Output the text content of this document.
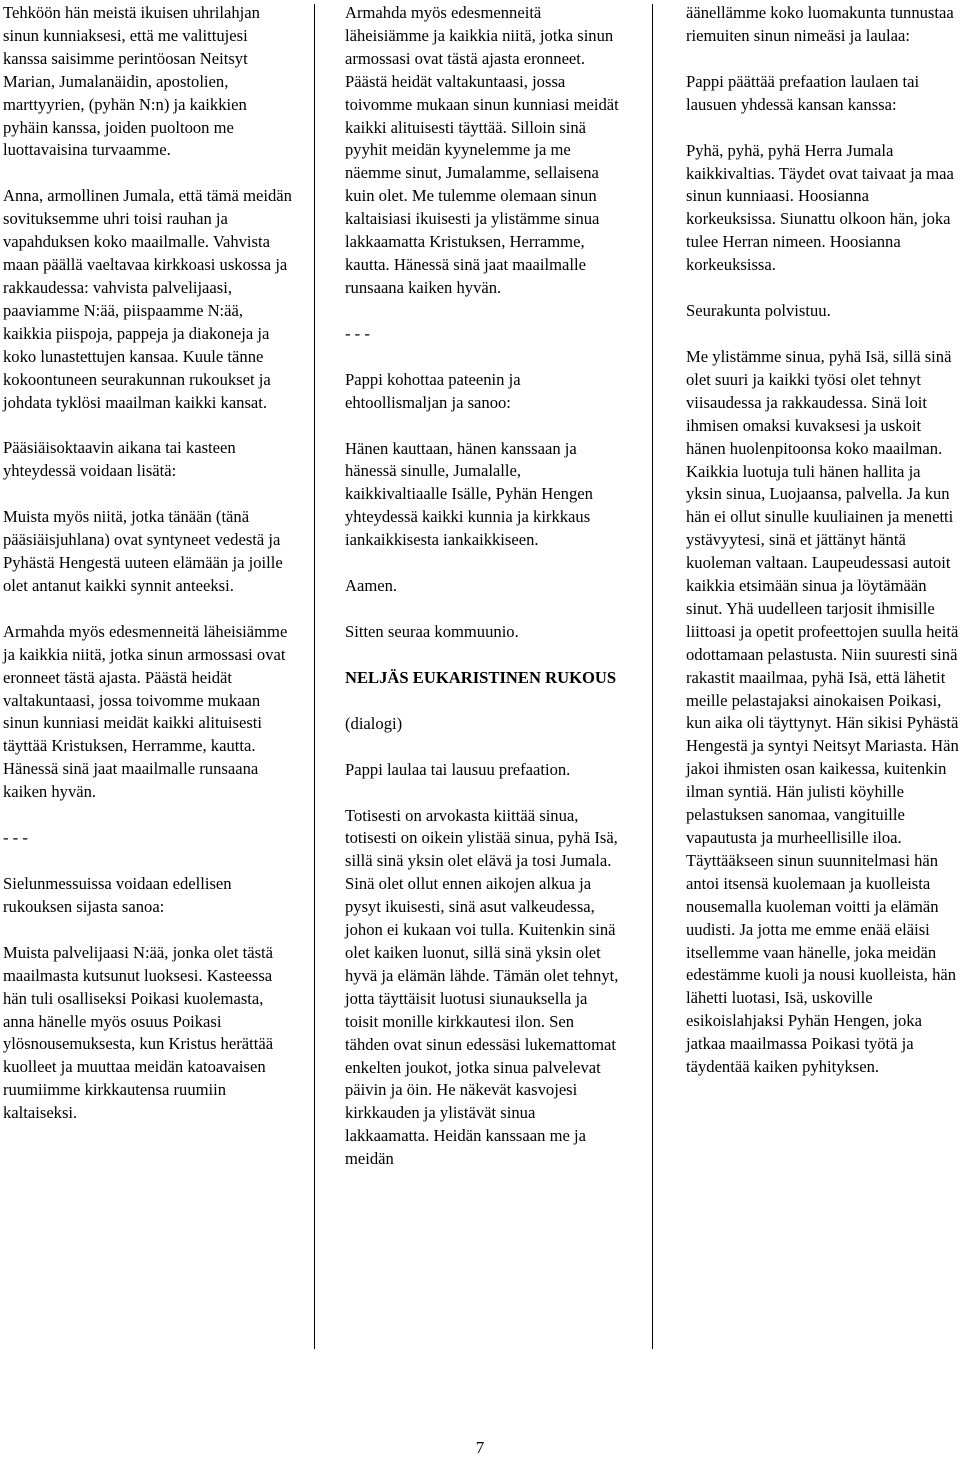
Tehköön hän meistä ikuisen uhrilahjan sinun kunniaksesi, että me valittujesi kanssa saisimme perintöosan Neitsyt Marian, Jumalanäidin, apostolien, marttyyrien, (pyhän N:n) ja kaikkien pyhäin kanssa, joiden puoltoon me luottavaisina turvaamme.

Anna, armollinen Jumala, että tämä meidän sovituksemme uhri toisi rauhan ja vapahduksen koko maailmalle. Vahvista maan päällä vaeltavaa kirkkoasi uskossa ja rakkaudessa: vahvista palvelijaasi, paaviamme N:ää, piispaamme N:ää, kaikkia piispoja, pappeja ja diakoneja ja koko lunastettujen kansaa. Kuule tänne kokoontuneen seurakunnan rukoukset ja johdata tyklösi maailman kaikki kansat.

Pääsiäisoktaavin aikana tai kasteen yhteydessä voidaan lisätä:

Muista myös niitä, jotka tänään (tänä pääsiäisjuhlana) ovat syntyneet vedestä ja Pyhästä Hengestä uuteen elämään ja joille olet antanut kaikki synnit anteeksi.

Armahda myös edesmenneitä läheisiämme ja kaikkia niitä, jotka sinun armossasi ovat eronneet tästä ajasta. Päästä heidät valtakuntaasi, jossa toivomme mukaan sinun kunniasi meidät kaikki alituisesti täyttää Kristuksen, Herramme, kautta. Hänessä sinä jaat maailmalle runsaana kaiken hyvän.

- - -

Sielunmessuissa voidaan edellisen rukouksen sijasta sanoa:

Muista palvelijaasi N:ää, jonka olet tästä maailmasta kutsunut luoksesi. Kasteessa hän tuli osalliseksi Poikasi kuolemasta, anna hänelle myös osuus Poikasi ylösnousemuksesta, kun Kristus herättää kuolleet ja muuttaa meidän katoavaisen ruumiimme kirkkautensa ruumiin kaltaiseksi.

Armahda myös edesmenneitä läheisiämme ja kaikkia niitä, jotka sinun armossasi ovat tästä ajasta eronneet. Päästä heidät valtakuntaasi, jossa toivomme mukaan sinun kunniasi meidät kaikki alituisesti täyttää. Silloin sinä pyyhit meidän kyynelemme ja me näemme sinut, Jumalamme, sellaisena kuin olet. Me tulemme olemaan sinun kaltaisiasi ikuisesti ja ylistämme sinua lakkaamatta Kristuksen, Herramme, kautta. Hänessä sinä jaat maailmalle runsaana kaiken hyvän.

- - -

Pappi kohottaa pateenin ja ehtoollismaljan ja sanoo:

Hänen kauttaan, hänen kanssaan ja hänessä sinulle, Jumalalle, kaikkivaltiaalle Isälle, Pyhän Hengen yhteydessä kaikki kunnia ja kirkkaus iankaikkisesta iankaikkiseen.

Aamen.

Sitten seuraa kommuunio.

NELJÄS EUKARISTINEN RUKOUS

(dialogi)

Pappi laulaa tai lausuu prefaation.

Totisesti on arvokasta kiittää sinua, totisesti on oikein ylistää sinua, pyhä Isä, sillä sinä yksin olet elävä ja tosi Jumala. Sinä olet ollut ennen aikojen alkua ja pysyt ikuisesti, sinä asut valkeudessa, johon ei kukaan voi tulla. Kuitenkin sinä olet kaiken luonut, sillä sinä yksin olet hyvä ja elämän lähde. Tämän olet tehnyt, jotta täyttäisit luotusi siunauksella ja toisit monille kirkkautesi ilon. Sen tähden ovat sinun edessäsi lukemattomat enkelten joukot, jotka sinua palvelevat päivin ja öin. He näkevät kasvojesi kirkkauden ja ylistävät sinua lakkaamatta. Heidän kanssaan me ja meidän

äänellämme koko luomakunta tunnustaa riemuiten sinun nimeäsi ja laulaa:

Pappi päättää prefaation laulaen tai lausuen yhdessä kansan kanssa:

Pyhä, pyhä, pyhä Herra Jumala kaikkivaltias. Täydet ovat taivaat ja maa sinun kunniaasi. Hoosianna korkeuksissa. Siunattu olkoon hän, joka tulee Herran nimeen. Hoosianna korkeuksissa.

Seurakunta polvistuu.

Me ylistämme sinua, pyhä Isä, sillä sinä olet suuri ja kaikki työsi olet tehnyt viisaudessa ja rakkaudessa. Sinä loit ihmisen omaksi kuvaksesi ja uskoit hänen huolenpitoonsa koko maailman. Kaikkia luotuja tuli hänen hallita ja yksin sinua, Luojaansa, palvella. Ja kun hän ei ollut sinulle kuuliainen ja menetti ystävyytesi, sinä et jättänyt häntä kuoleman valtaan. Laupeudessasi autoit kaikkia etsimään sinua ja löytämään sinut. Yhä uudelleen tarjosit ihmisille liittoasi ja opetit profeettojen suulla heitä odottamaan pelastusta. Niin suuresti sinä rakastit maailmaa, pyhä Isä, että lähetit meille pelastajaksi ainokaisen Poikasi, kun aika oli täyttynyt. Hän sikisi Pyhästä Hengestä ja syntyi Neitsyt Mariasta. Hän jakoi ihmisten osan kaikessa, kuitenkin ilman syntiä. Hän julisti köyhille pelastuksen sanomaa, vangituille vapautusta ja murheellisille iloa. Täyttääkseen sinun suunnitelmasi hän antoi itsensä kuolemaan ja kuolleista nousemalla kuoleman voitti ja elämän uudisti. Ja jotta me emme enää eläisi itsellemme vaan hänelle, joka meidän edestämme kuoli ja nousi kuolleista, hän lähetti luotasi, Isä, uskoville esikoislahjaksi Pyhän Hengen, joka jatkaa maailmassa Poikasi työtä ja täydentää kaiken pyhityksen.

7
